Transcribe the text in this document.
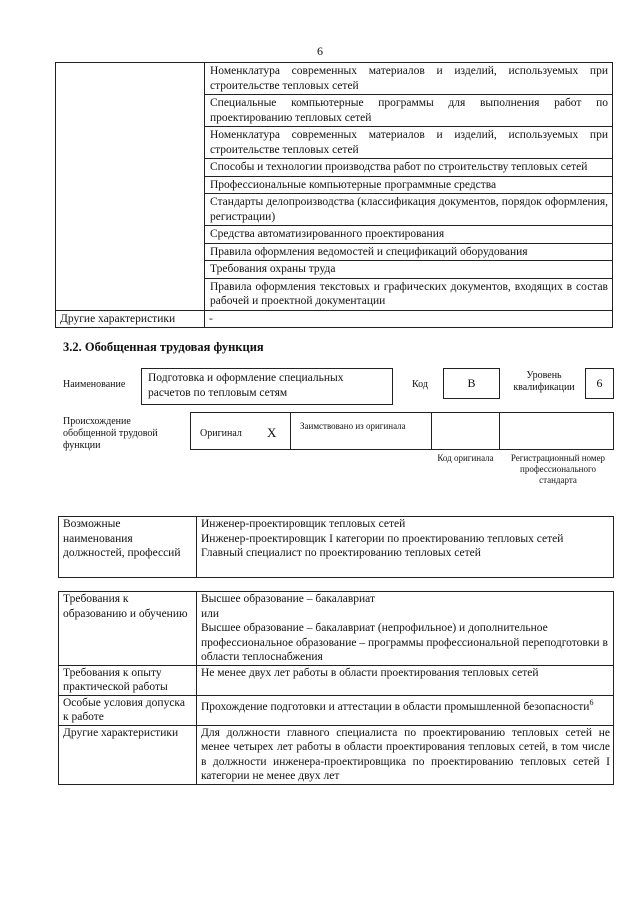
6
	Номенклатура современных материалов и изделий, используемых при строительстве тепловых сетей
	Специальные компьютерные программы для выполнения работ по проектированию тепловых сетей
	Номенклатура современных материалов и изделий, используемых при строительстве тепловых сетей
	Способы и технологии производства работ по строительству тепловых сетей
	Профессиональные компьютерные программные средства
	Стандарты делопроизводства (классификация документов, порядок оформления, регистрации)
	Средства автоматизированного проектирования
	Правила оформления ведомостей и спецификаций оборудования
	Требования охраны труда
	Правила оформления текстовых и графических документов, входящих в состав рабочей и проектной документации
Другие характеристики	-
3.2. Обобщенная трудовая функция
Наименование
Подготовка и оформление специальных расчетов по тепловым сетям
Код	В
Уровень квалификации	6
Происхождение обобщенной трудовой функции
Оригинал X	Заимствовано из оригинала
Код оригинала	Регистрационный номер профессионального стандарта
Возможные наименования должностей, профессий	
Инженер-проектировщик тепловых сетей
Инженер-проектировщик I категории по проектированию тепловых сетей
Главный специалист по проектированию тепловых сетей
Требования к образованию и обучению	Высшее образование – бакалавриат
или
Высшее образование – бакалавриат (непрофильное) и дополнительное профессиональное образование – программы профессиональной переподготовки в области теплоснабжения

Требования к опыту практической работы	Не менее двух лет работы в области проектирования тепловых сетей
Особые условия допуска к работе	Прохождение подготовки и аттестации в области промышленной безопасности$^6$
Другие характеристики	Для должности главного специалиста по проектированию тепловых сетей не менее четырех лет работы в области проектирования тепловых сетей, в том числе в должности инженера-проектировщика по проектированию тепловых сетей I категории не менее двух лет
